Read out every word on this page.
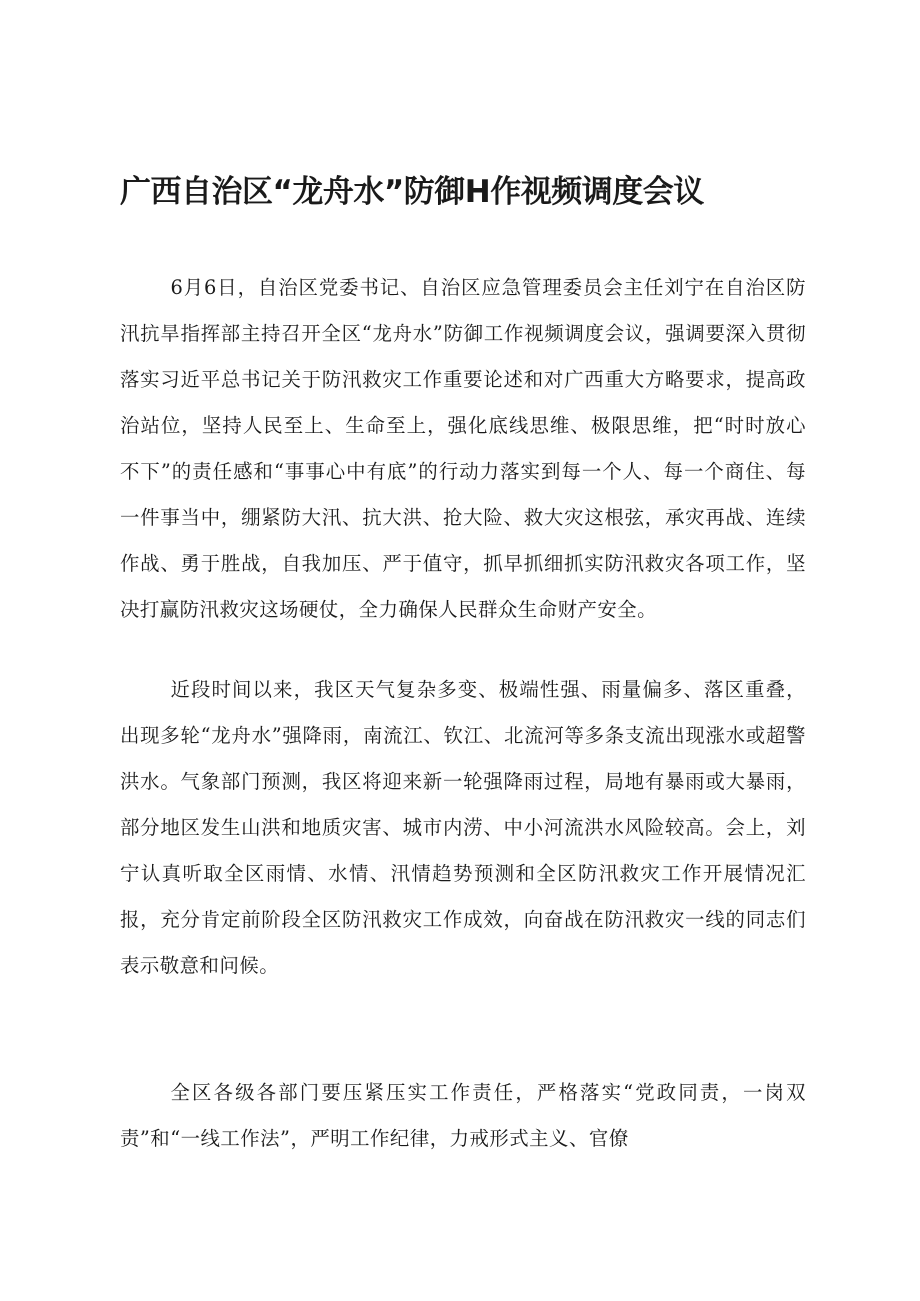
广西自治区“龙舟水”防御H作视频调度会议

6月6日，自治区党委书记、自治区应急管理委员会主任刘宁在自治区防汛抗旱指挥部主持召开全区“龙舟水”防御工作视频调度会议，强调要深入贯彻落实习近平总书记关于防汛救灾工作重要论述和对广西重大方略要求，提高政治站位，坚持人民至上、生命至上，强化底线思维、极限思维，把“时时放心不下”的责任感和“事事心中有底”的行动力落实到每一个人、每一个商住、每一件事当中，绷紧防大汛、抗大洪、抢大险、救大灾这根弦，承灾再战、连续作战、勇于胜战，自我加压、严于值守，抓早抓细抓实防汛救灾各项工作，坚决打赢防汛救灾这场硬仗，全力确保人民群众生命财产安全。

近段时间以来，我区天气复杂多变、极端性强、雨量偏多、落区重叠，出现多轮“龙舟水”强降雨，南流江、钦江、北流河等多条支流出现涨水或超警洪水。气象部门预测，我区将迎来新一轮强降雨过程，局地有暴雨或大暴雨，部分地区发生山洪和地质灾害、城市内涝、中小河流洪水风险较高。会上，刘宁认真听取全区雨情、水情、汛情趋势预测和全区防汛救灾工作开展情况汇报，充分肯定前阶段全区防汛救灾工作成效，向奋战在防汛救灾一线的同志们表示敬意和问候。

全区各级各部门要压紧压实工作责任，严格落实“党政同责，一岗双责”和“一线工作法”，严明工作纪律，力戒形式主义、官僚
